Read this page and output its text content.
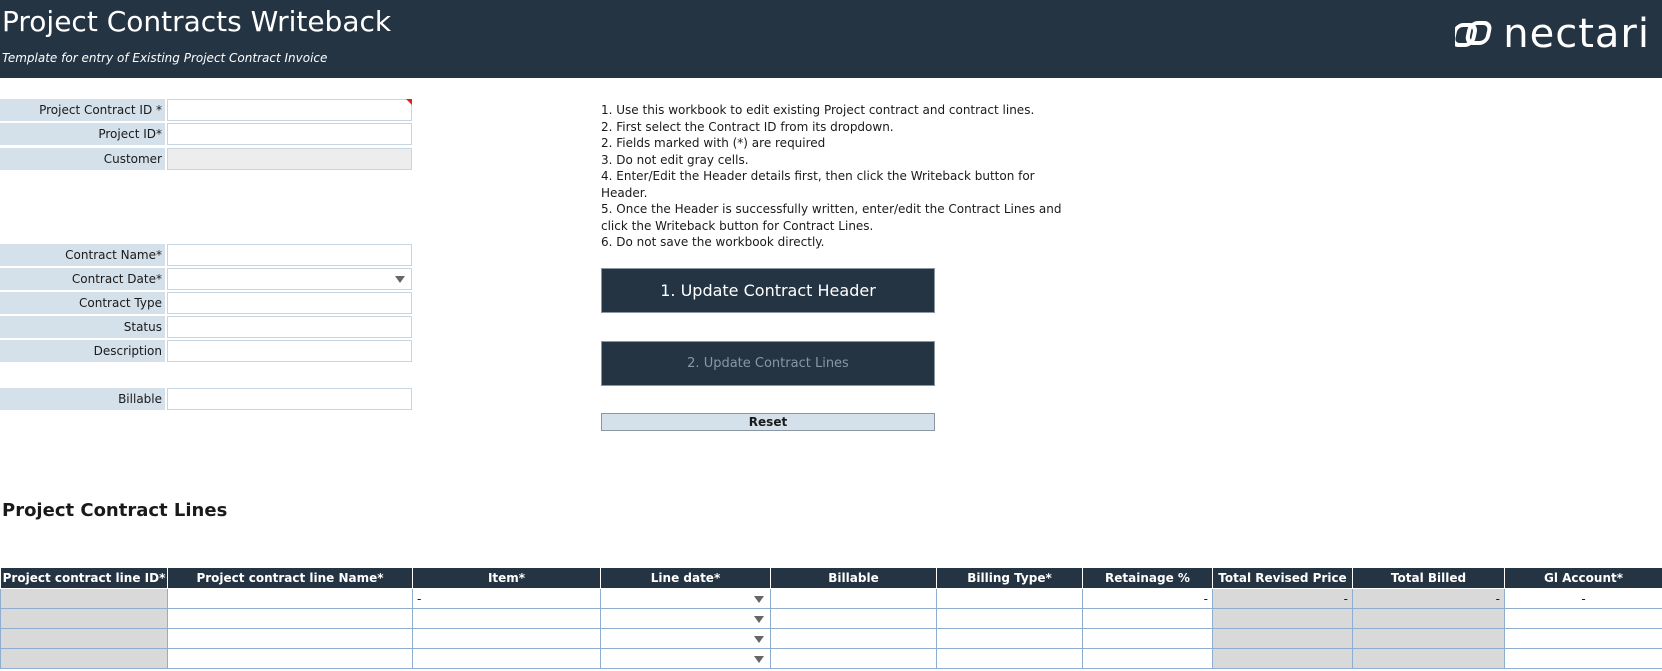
Project Contracts Writeback
Template for entry of Existing Project Contract Invoice
nectari
Project Contract ID *
Project ID*
Customer
Contract Name*
Contract Date*
Contract Type
Status
Description
Billable
1. Use this workbook to edit existing Project contract and contract lines.
2. First select the Contract ID from its dropdown.
2. Fields marked with (*) are required
3. Do not edit gray cells.
4. Enter/Edit the Header details first, then click the Writeback button for Header.
5. Once the Header is successfully written, enter/edit the Contract Lines and click the Writeback button for Contract Lines.
6. Do not save the workbook directly.
1. Update Contract Header
2. Update Contract Lines
Reset
Project Contract Lines
Project contract line ID*	Project contract line Name*	Item*	Line date*	Billable	Billing Type*	Retainage %	Total Revised Price	Total Billed	Gl Account*
		-				-	-	-	-
